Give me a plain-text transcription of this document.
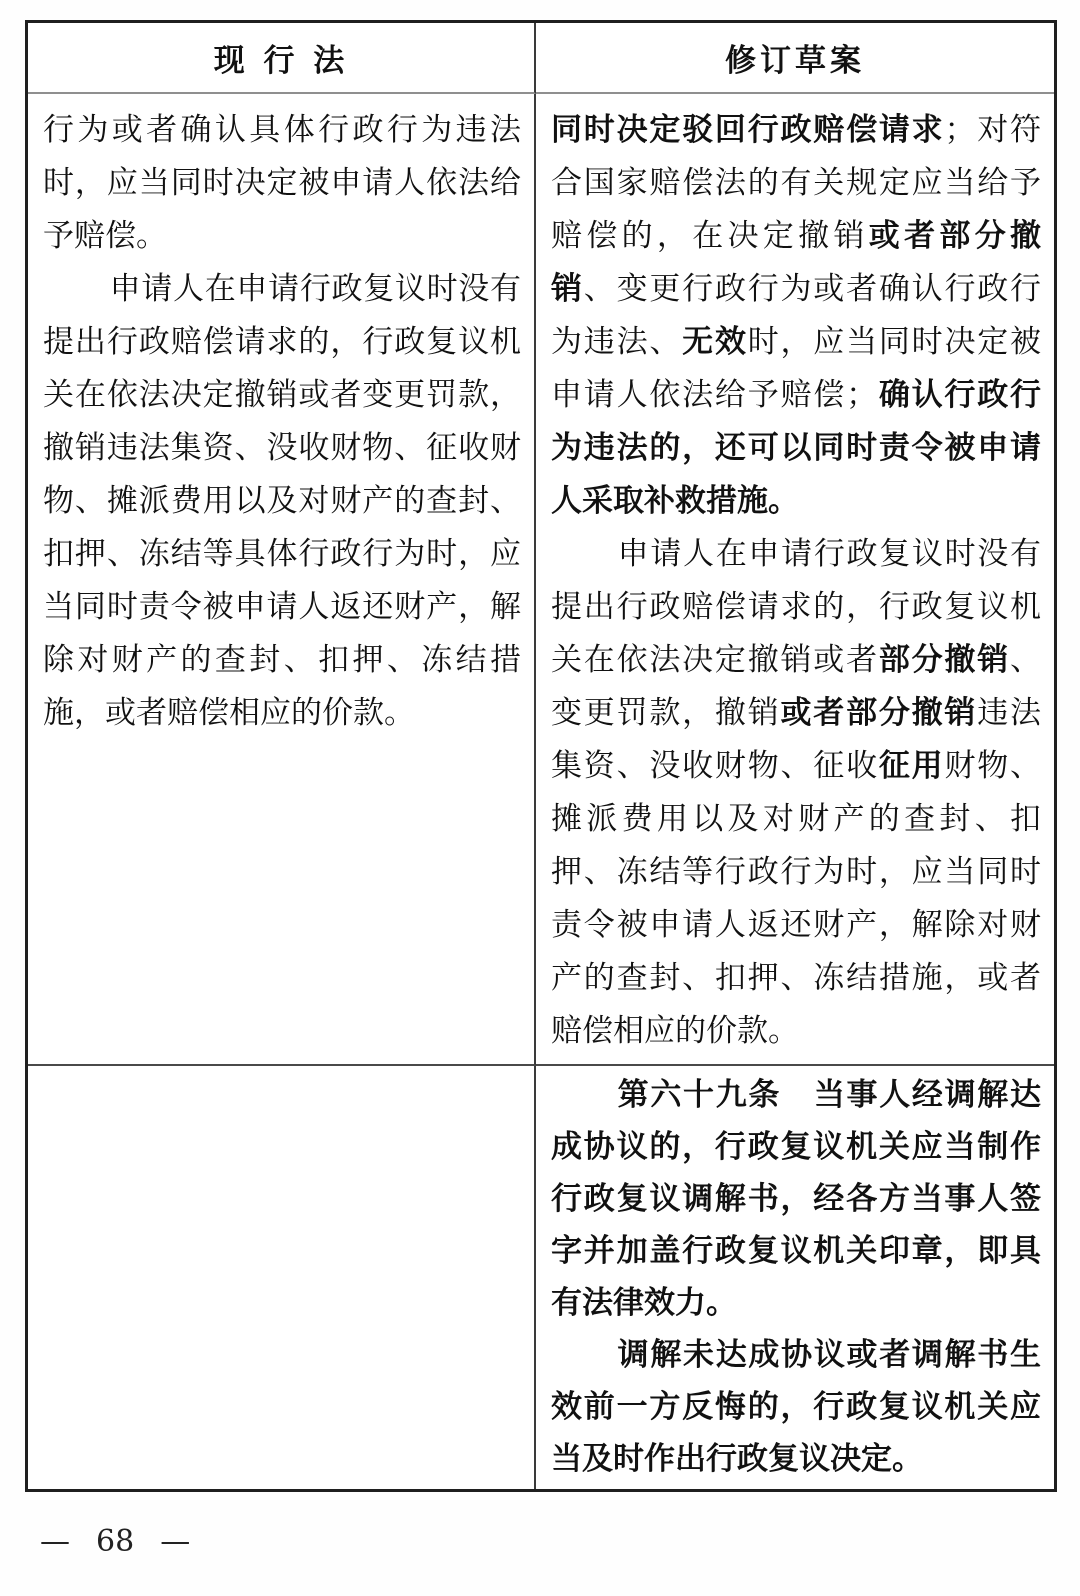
现 行 法	修订草案

行为或者确认具体行政行为违法时，应当同时决定被申请人依法给予赔偿。

申请人在申请行政复议时没有提出行政赔偿请求的，行政复议机关在依法决定撤销或者变更罚款，撤销违法集资、没收财物、征收财物、摊派费用以及对财产的查封、扣押、冻结等具体行政行为时，应当同时责令被申请人返还财产，解除对财产的查封、扣押、冻结措施，或者赔偿相应的价款。

同时决定驳回行政赔偿请求；对符合国家赔偿法的有关规定应当给予赔偿的，在决定撤销或者部分撤销、变更行政行为或者确认行政行为违法、无效时，应当同时决定被申请人依法给予赔偿；确认行政行为违法的，还可以同时责令被申请人采取补救措施。

申请人在申请行政复议时没有提出行政赔偿请求的，行政复议机关在依法决定撤销或者部分撤销、变更罚款，撤销或者部分撤销违法集资、没收财物、征收征用财物、摊派费用以及对财产的查封、扣押、冻结等行政行为时，应当同时责令被申请人返还财产，解除对财产的查封、扣押、冻结措施，或者赔偿相应的价款。

第六十九条　当事人经调解达成协议的，行政复议机关应当制作行政复议调解书，经各方当事人签字并加盖行政复议机关印章，即具有法律效力。

调解未达成协议或者调解书生效前一方反悔的，行政复议机关应当及时作出行政复议决定。

— 68 —
